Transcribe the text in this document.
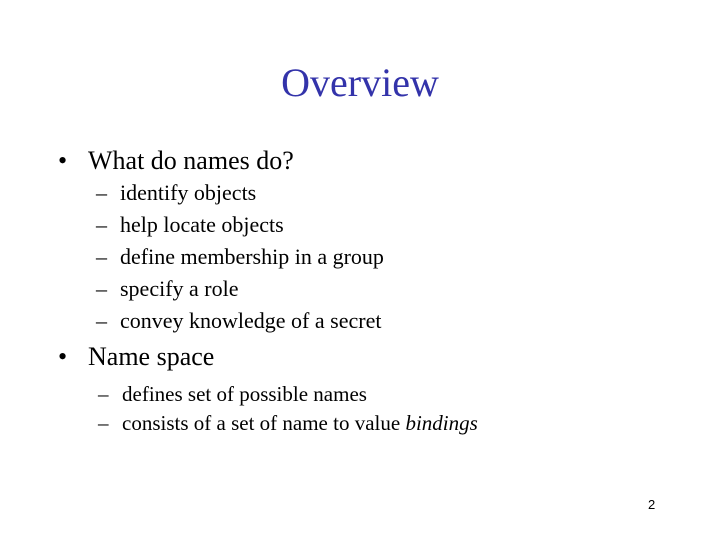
Overview
• What do names do?
– identify objects
– help locate objects
– define membership in a group
– specify a role
– convey knowledge of a secret
• Name space
– defines set of possible names
– consists of a set of name to value bindings
2
